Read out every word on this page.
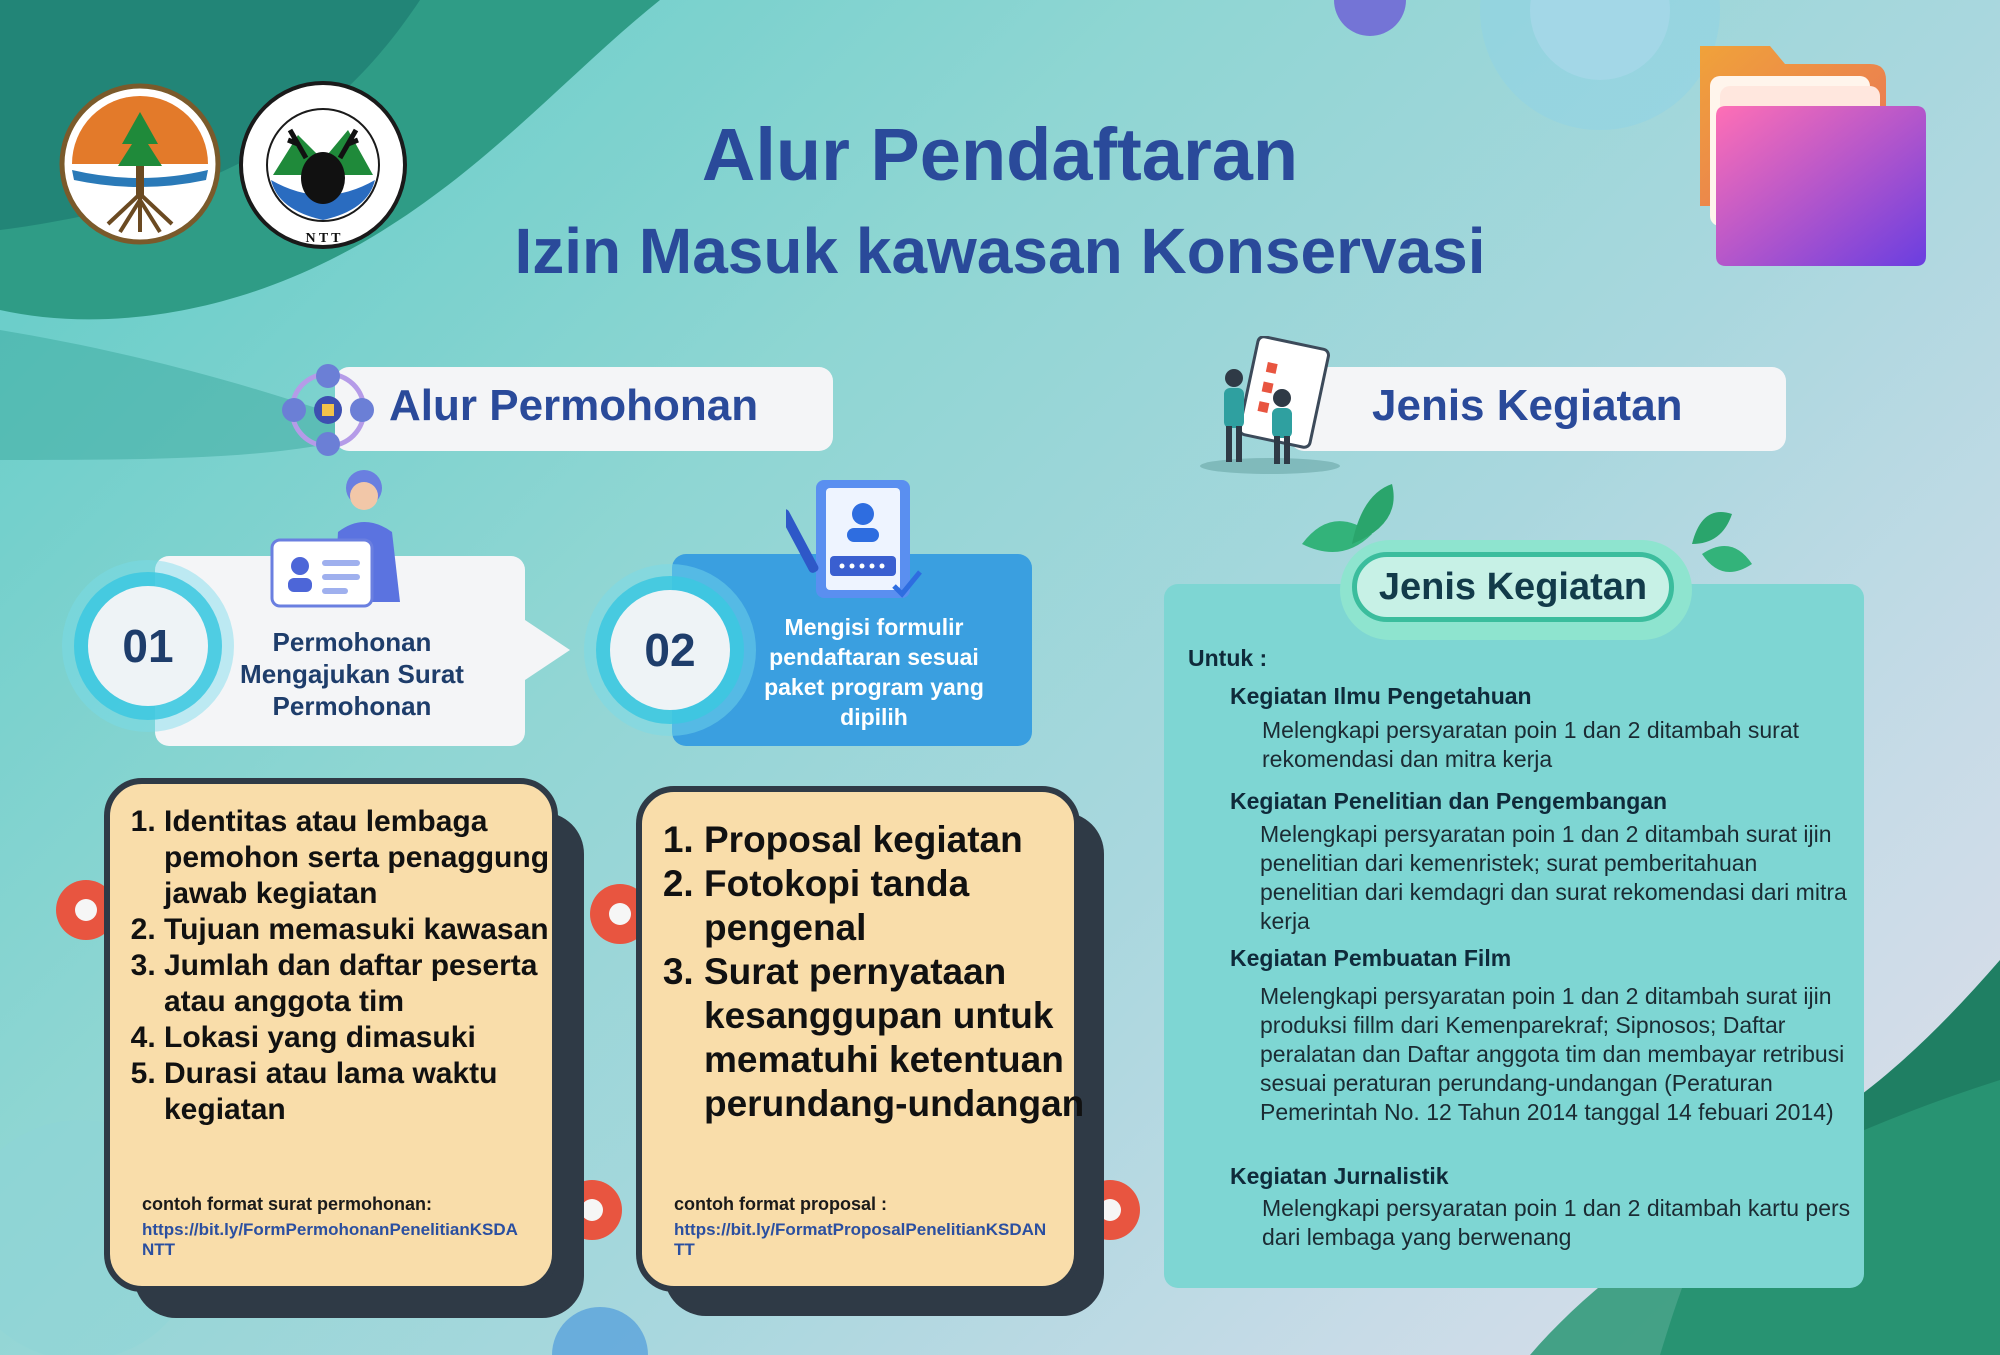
N T T
Alur Pendaftaran
Izin Masuk kawasan Konservasi
Alur Permohonan	Jenis Kegiatan
01	Permohonan Mengajukan Surat Permohonan
02	Mengisi formulir pendaftaran sesuai paket program yang dipilih
1. Identitas atau lembaga pemohon serta penaggung jawab kegiatan
2. Tujuan memasuki kawasan
3. Jumlah dan daftar peserta atau anggota tim
4. Lokasi yang dimasuki
5. Durasi atau lama waktu kegiatan
contoh format surat permohonan:
https://bit.ly/FormPermohonanPenelitianKSDANTT
1. Proposal kegiatan
2. Fotokopi tanda pengenal
3. Surat pernyataan kesanggupan untuk mematuhi ketentuan perundang-undangan
contoh format proposal :
https://bit.ly/FormatProposalPenelitianKSDANTT
Jenis Kegiatan
Untuk :
Kegiatan Ilmu Pengetahuan
Melengkapi persyaratan poin 1 dan 2 ditambah surat rekomendasi dan mitra kerja
Kegiatan Penelitian dan Pengembangan
Melengkapi persyaratan poin 1 dan 2 ditambah surat ijin penelitian dari kemenristek; surat pemberitahuan penelitian dari kemdagri dan surat rekomendasi dari mitra kerja
Kegiatan Pembuatan Film
Melengkapi persyaratan poin 1 dan 2 ditambah surat ijin produksi fillm dari Kemenparekraf; Sipnosos; Daftar peralatan dan Daftar anggota tim dan membayar retribusi sesuai peraturan perundang-undangan (Peraturan Pemerintah No. 12 Tahun 2014 tanggal 14 febuari 2014)
Kegiatan Jurnalistik
Melengkapi persyaratan poin 1 dan 2 ditambah kartu pers dari lembaga yang berwenang
